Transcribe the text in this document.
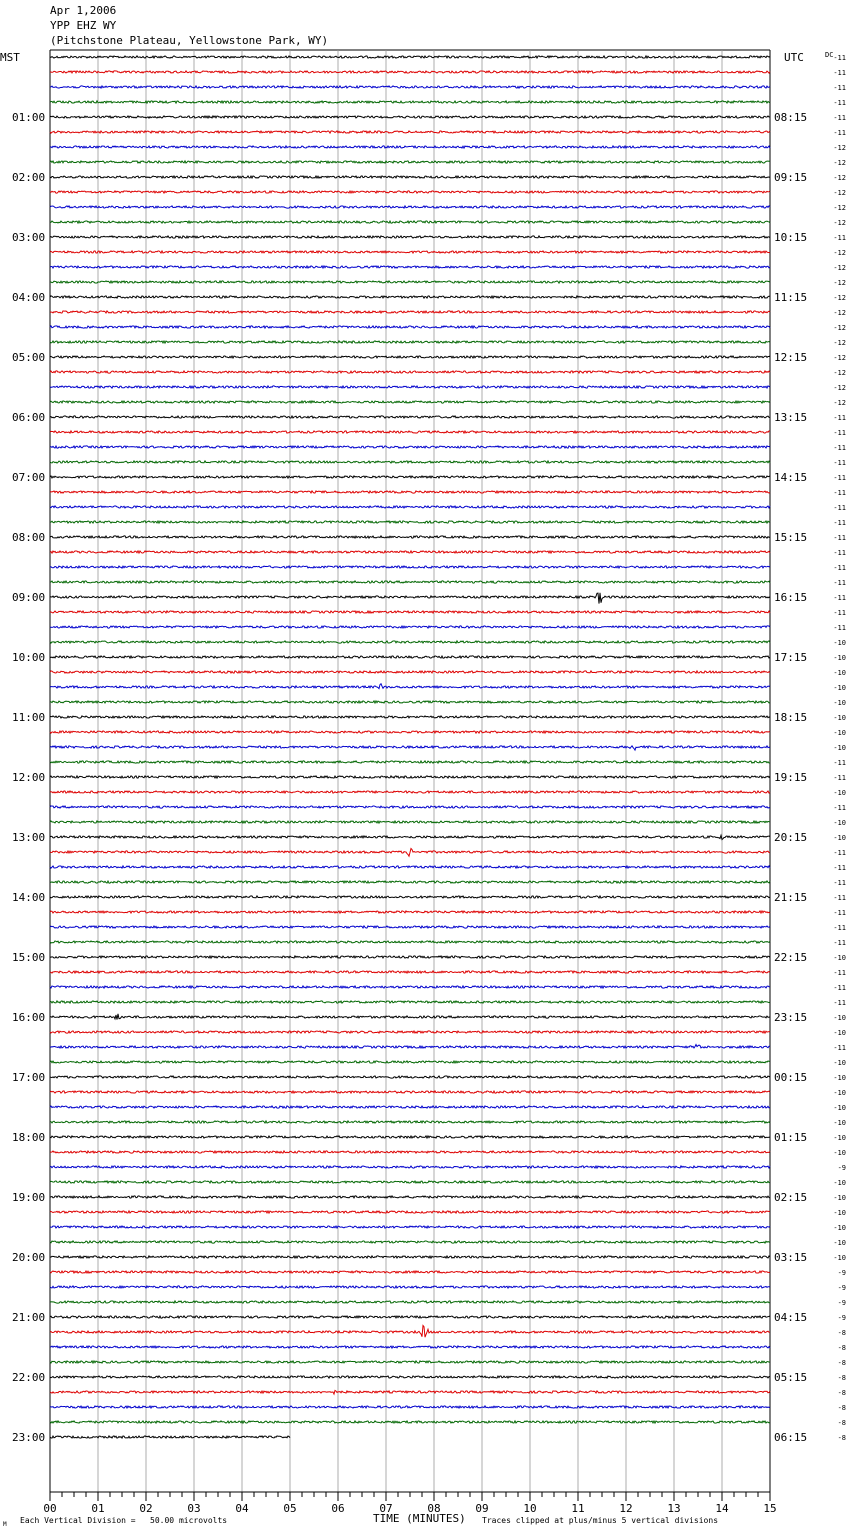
Apr 1,2006
YPP EHZ WY
(Pitchstone Plateau, Yellowstone Park, WY)
00	01	02	03	04	05	06	07	08	09	10	11	12	13	14	15
-11
-11
-11
-11
-11
-11
-12
-12
-12
-12
-12
-12
-11
-12
-12
-12
-12
-12
-12
-12
-12
-12
-12
-12
-11
-11
-11
-11
-11
-11
-11
-11
-11
-11
-11
-11
-11
-11
-11
-10
-10
-10
-10
-10
-10
-10
-10
-11
-11
-10
-11
-10
-10
-11
-11
-11
-11
-11
-11
-11
-10
-11
-11
-11
-10
-10
-11
-10
-10
-10
-10
-10
-10
-10
-9
-10
-10
-10
-10
-10
-10
-9
-9
-9
-9
-8
-8
-8
-8
-8
-8
-8
-8
01:00
02:00
03:00
04:00
05:00
06:00
07:00
08:00
09:00
10:00
11:00
12:00
13:00
14:00
15:00
16:00
17:00
18:00
19:00
20:00
21:00
22:00
23:00
08:15
09:15
10:15
11:15
12:15
13:15
14:15
15:15
16:15
17:15
18:15
19:15
20:15
21:15
22:15
23:15
00:15
01:15
02:15
03:15
04:15
05:15
06:15
MST	UTC	DC
TIME (MINUTES)
M Each Vertical Division =   50.00 microvolts	Traces clipped at plus/minus 5 vertical divisions
